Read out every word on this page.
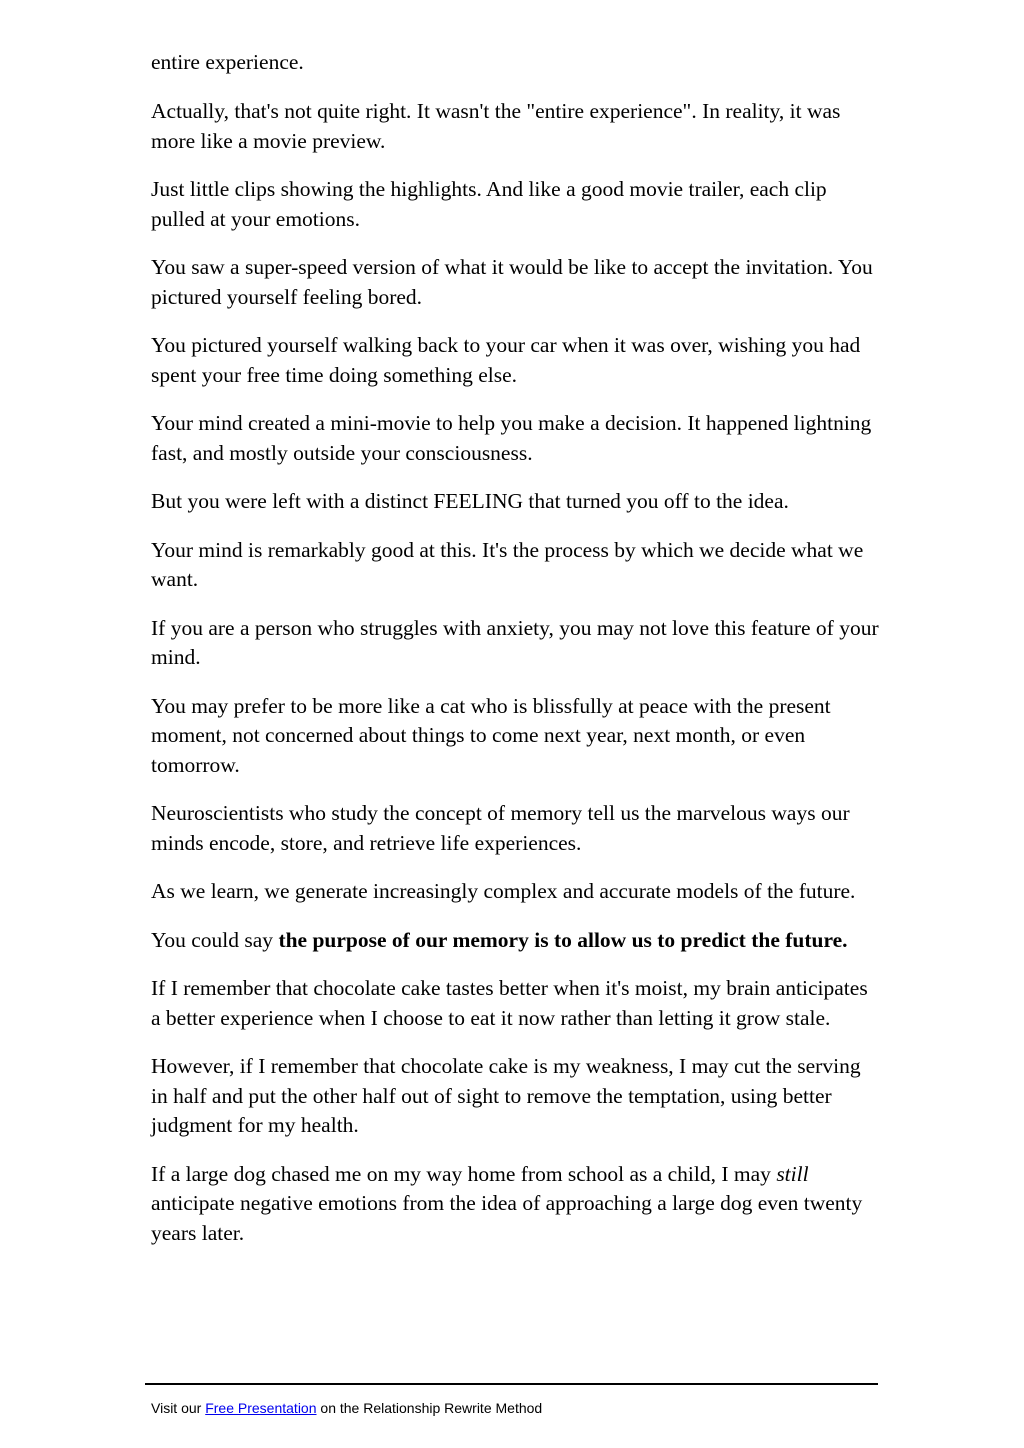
entire experience.

Actually, that's not quite right. It wasn't the "entire experience". In reality, it was more like a movie preview.

Just little clips showing the highlights. And like a good movie trailer, each clip pulled at your emotions.

You saw a super-speed version of what it would be like to accept the invitation. You pictured yourself feeling bored.

You pictured yourself walking back to your car when it was over, wishing you had spent your free time doing something else.

Your mind created a mini-movie to help you make a decision. It happened lightning fast, and mostly outside your consciousness.

But you were left with a distinct FEELING that turned you off to the idea.

Your mind is remarkably good at this. It's the process by which we decide what we want.

If you are a person who struggles with anxiety, you may not love this feature of your mind.

You may prefer to be more like a cat who is blissfully at peace with the present moment, not concerned about things to come next year, next month, or even tomorrow.

Neuroscientists who study the concept of memory tell us the marvelous ways our minds encode, store, and retrieve life experiences.

As we learn, we generate increasingly complex and accurate models of the future.

You could say the purpose of our memory is to allow us to predict the future.

If I remember that chocolate cake tastes better when it's moist, my brain anticipates a better experience when I choose to eat it now rather than letting it grow stale.

However, if I remember that chocolate cake is my weakness, I may cut the serving in half and put the other half out of sight to remove the temptation, using better judgment for my health.

If a large dog chased me on my way home from school as a child, I may still anticipate negative emotions from the idea of approaching a large dog even twenty years later.

Visit our Free Presentation on the Relationship Rewrite Method
